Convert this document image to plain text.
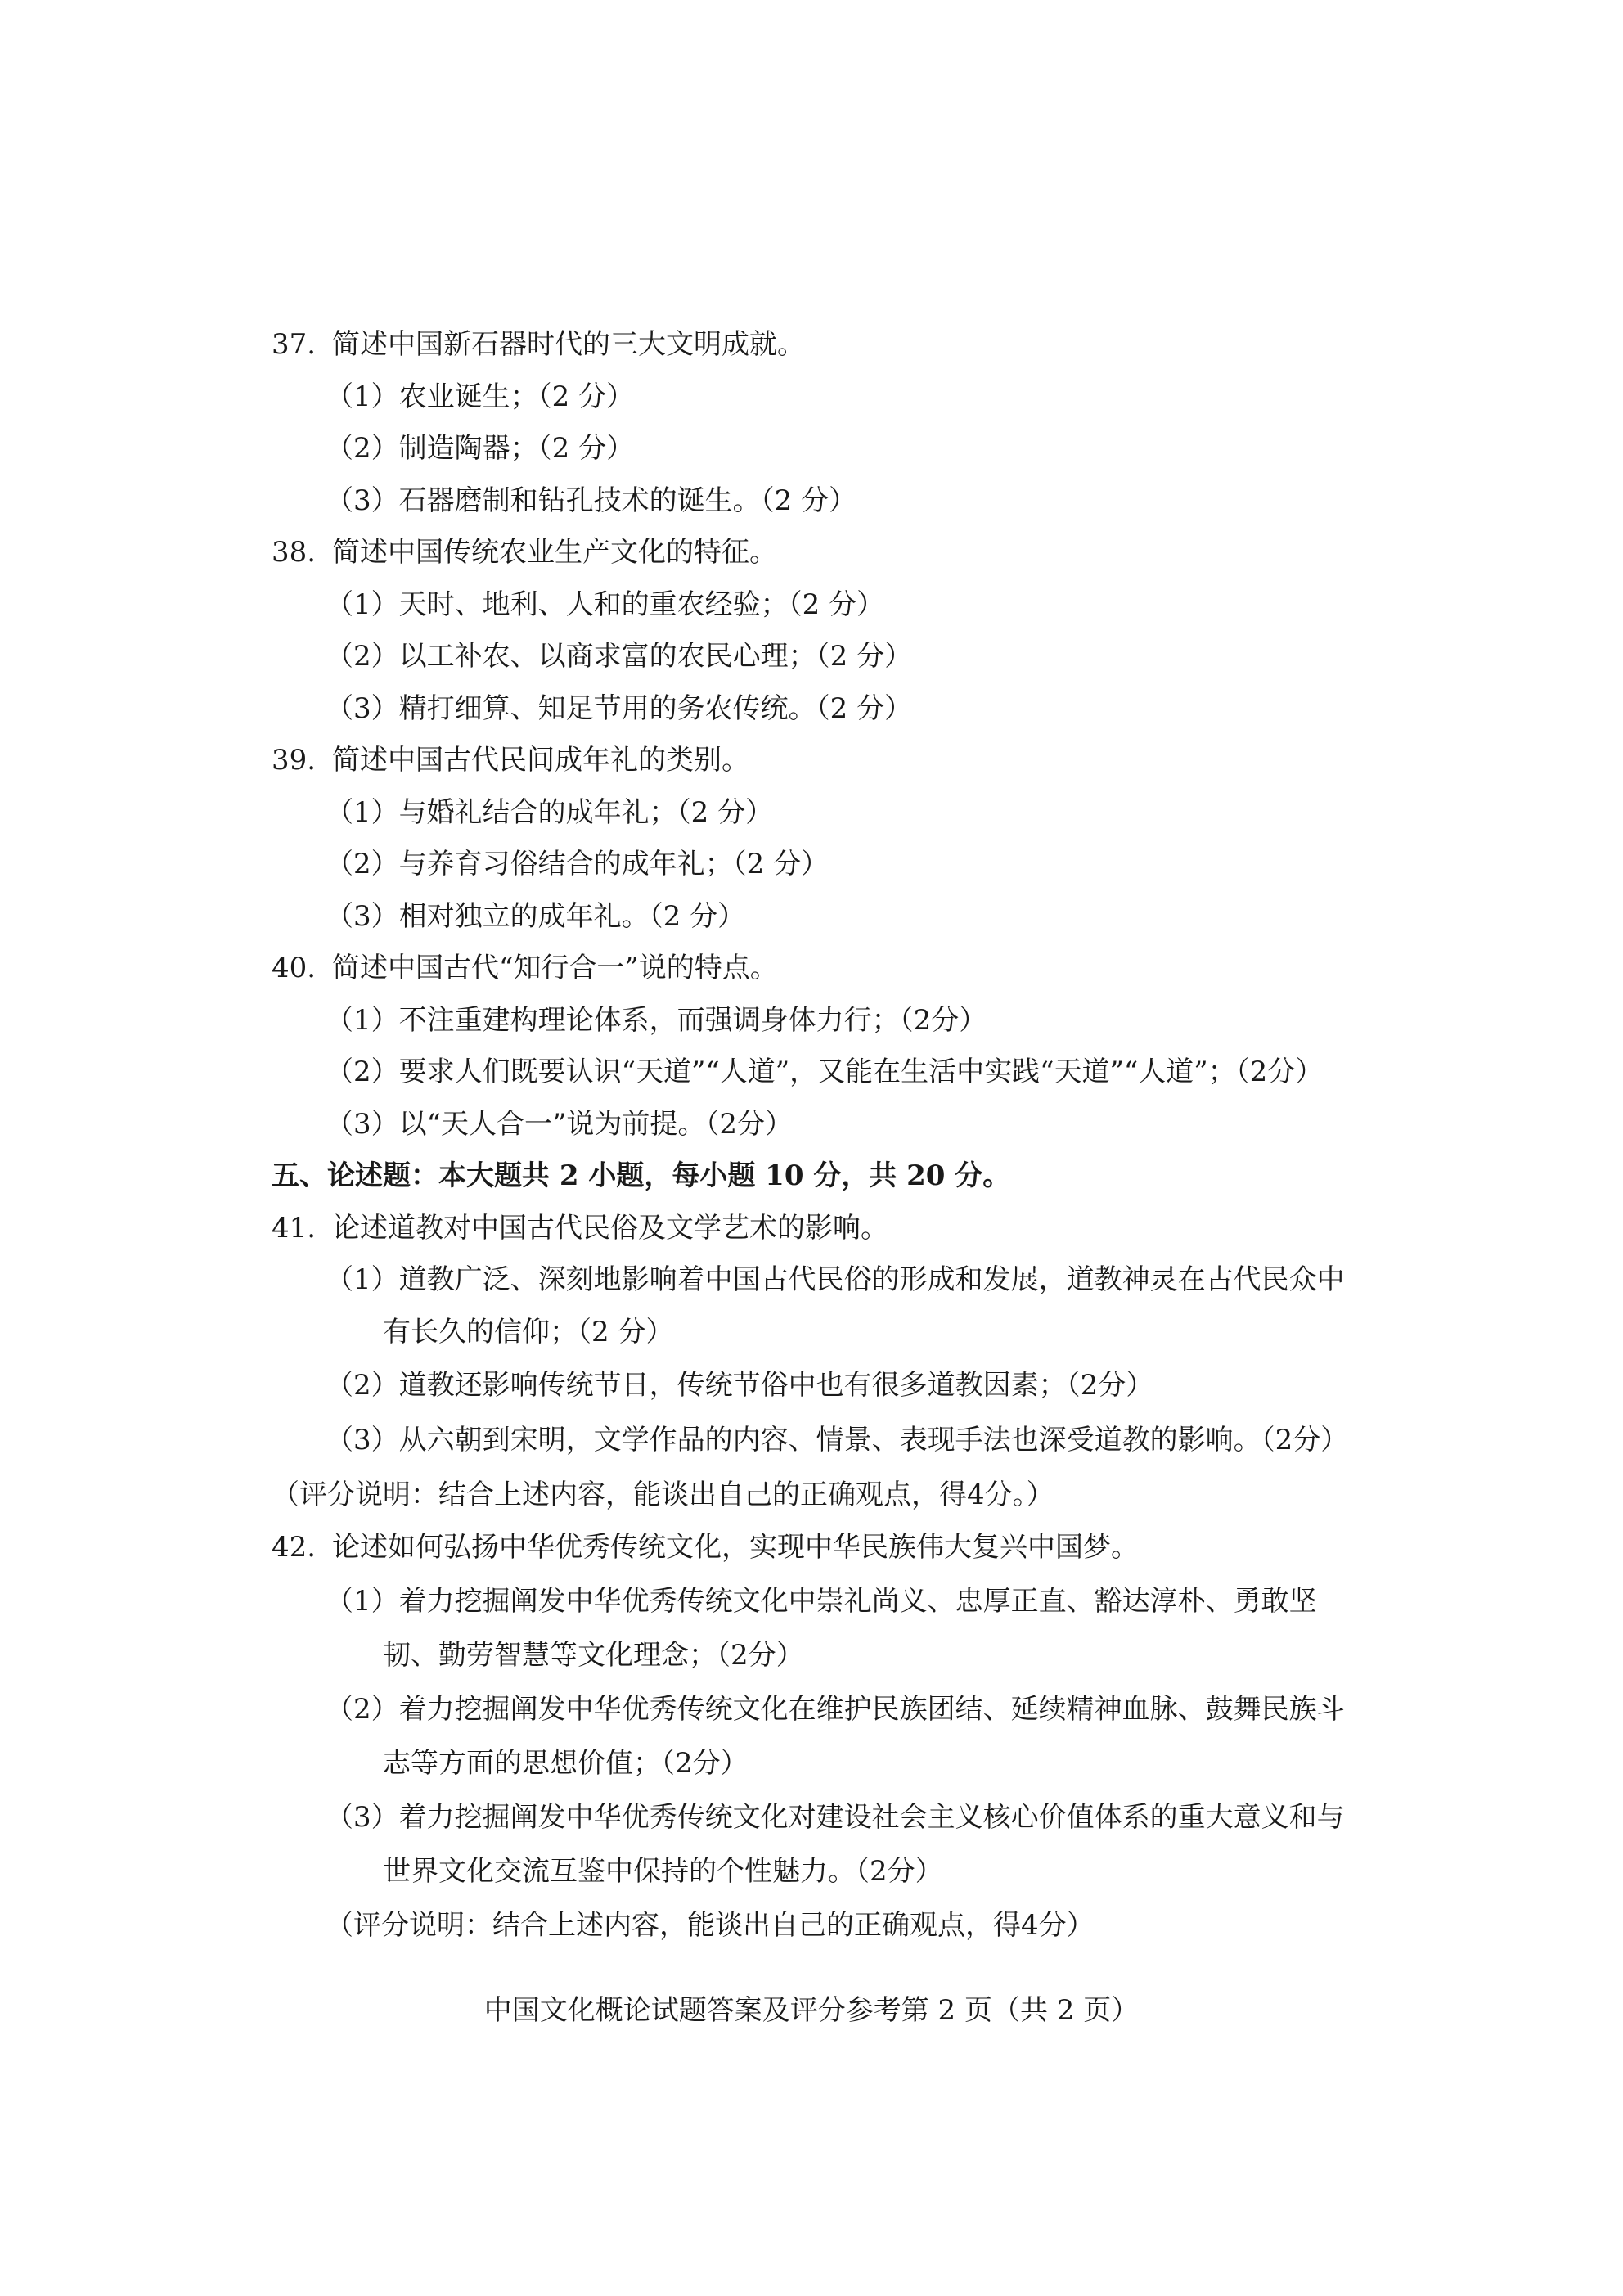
37. 简述中国新石器时代的三大文明成就。
（1）农业诞生；（2 分）
（2）制造陶器；（2 分）
（3）石器磨制和钻孔技术的诞生。（2 分）
38. 简述中国传统农业生产文化的特征。
（1）天时、地利、人和的重农经验；（2 分）
（2）以工补农、以商求富的农民心理；（2 分）
（3）精打细算、知足节用的务农传统。（2 分）
39. 简述中国古代民间成年礼的类别。
（1）与婚礼结合的成年礼；（2 分）
（2）与养育习俗结合的成年礼；（2 分）
（3）相对独立的成年礼。（2 分）
40. 简述中国古代“知行合一”说的特点。
（1）不注重建构理论体系，而强调身体力行；（2分）
（2）要求人们既要认识“天道”“人道”，又能在生活中实践“天道”“人道”；（2分）
（3）以“天人合一”说为前提。（2分）
五、论述题：本大题共 2 小题，每小题 10 分，共 20 分。
41. 论述道教对中国古代民俗及文学艺术的影响。
（1）道教广泛、深刻地影响着中国古代民俗的形成和发展，道教神灵在古代民众中有长久的信仰；（2 分）
（2）道教还影响传统节日，传统节俗中也有很多道教因素；（2分）
（3）从六朝到宋明，文学作品的内容、情景、表现手法也深受道教的影响。（2分）
（评分说明：结合上述内容，能谈出自己的正确观点，得4分。）
42. 论述如何弘扬中华优秀传统文化，实现中华民族伟大复兴中国梦。
（1）着力挖掘阐发中华优秀传统文化中崇礼尚义、忠厚正直、豁达淳朴、勇敢坚韧、勤劳智慧等文化理念；（2分）
（2）着力挖掘阐发中华优秀传统文化在维护民族团结、延续精神血脉、鼓舞民族斗志等方面的思想价值；（2分）
（3）着力挖掘阐发中华优秀传统文化对建设社会主义核心价值体系的重大意义和与世界文化交流互鉴中保持的个性魅力。（2分）
（评分说明：结合上述内容，能谈出自己的正确观点，得4分）
中国文化概论试题答案及评分参考第 2 页（共 2 页）
